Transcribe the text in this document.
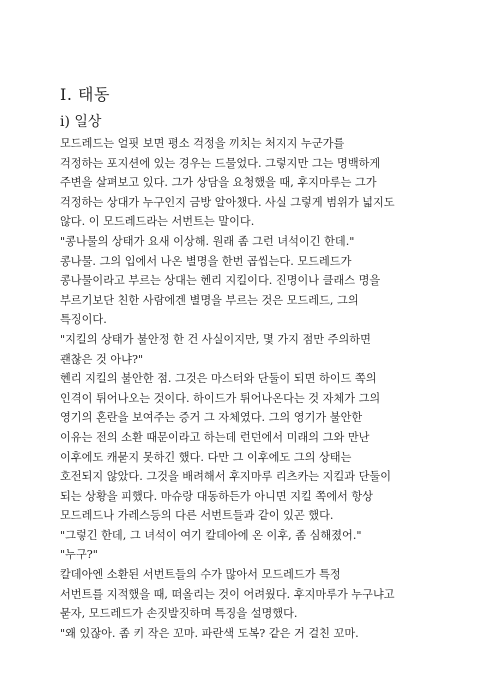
I. 태동
i) 일상
모드레드는 얼핏 보면 평소 걱정을 끼치는 처지지 누군가를
걱정하는 포지션에 있는 경우는 드물었다. 그렇지만 그는 명백하게
주변을 살펴보고 있다. 그가 상담을 요청했을 때, 후지마루는 그가
걱정하는 상대가 누구인지 금방 알아챘다. 사실 그렇게 범위가 넓지도
않다. 이 모드레드라는 서번트는 말이다.
"콩나물의 상태가 요새 이상해. 원래 좀 그런 녀석이긴 한데."
콩나물. 그의 입에서 나온 별명을 한번 곱씹는다. 모드레드가
콩나물이라고 부르는 상대는 헨리 지킬이다. 진명이나 클래스 명을
부르기보단 친한 사람에겐 별명을 부르는 것은 모드레드, 그의
특징이다.
"지킬의 상태가 불안정 한 건 사실이지만, 몇 가지 점만 주의하면
괜찮은 것 아냐?"
헨리 지킬의 불안한 점. 그것은 마스터와 단둘이 되면 하이드 쪽의
인격이 튀어나오는 것이다. 하이드가 튀어나온다는 것 자체가 그의
영기의 혼란을 보여주는 증거 그 자체였다. 그의 영기가 불안한
이유는 전의 소환 때문이라고 하는데 런던에서 미래의 그와 만난
이후에도 캐묻지 못하긴 했다. 다만 그 이후에도 그의 상태는
호전되지 않았다. 그것을 배려해서 후지마루 리츠카는 지킬과 단둘이
되는 상황을 피했다. 마슈랑 대동하든가 아니면 지킬 쪽에서 항상
모드레드나 가레스등의 다른 서번트들과 같이 있곤 했다.
"그렇긴 한데, 그 녀석이 여기 칼데아에 온 이후, 좀 심해졌어."
"누구?"
칼데아엔 소환된 서번트들의 수가 많아서 모드레드가 특정
서번트를 지적했을 때, 떠올리는 것이 어려웠다. 후지마루가 누구냐고
묻자, 모드레드가 손짓발짓하며 특징을 설명했다.
"왜 있잖아. 좀 키 작은 꼬마. 파란색 도복? 같은 거 걸친 꼬마.
